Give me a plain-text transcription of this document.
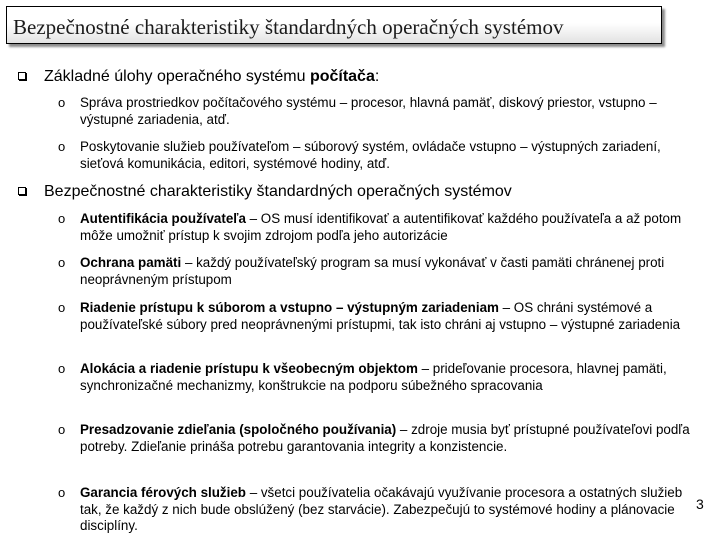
Bezpečnostné charakteristiky štandardných operačných systémov
Základné úlohy operačného systému počítača:
o Správa prostriedkov počítačového systému – procesor, hlavná pamäť, diskový priestor, vstupno – výstupné zariadenia, atď.
o Poskytovanie služieb používateľom – súborový systém, ovládače vstupno – výstupných zariadení, sieťová komunikácia, editori, systémové hodiny, atď.
Bezpečnostné charakteristiky štandardných operačných systémov
o Autentifikácia používateľa – OS musí identifikovať a autentifikovať každého používateľa a až potom môže umožniť prístup k svojim zdrojom podľa jeho autorizácie
o Ochrana pamäti – každý používateľský program sa musí vykonávať v časti pamäti chránenej proti neoprávneným prístupom
o Riadenie prístupu k súborom a vstupno – výstupným zariadeniam – OS chráni systémové a používateľské súbory pred neoprávnenými prístupmi, tak isto chráni aj vstupno – výstupné zariadenia
o Alokácia a riadenie prístupu k všeobecným objektom – prideľovanie procesora, hlavnej pamäti, synchronizačné mechanizmy, konštrukcie na podporu súbežného spracovania
o Presadzovanie zdieľania (spoločného používania) – zdroje musia byť prístupné používateľovi podľa potreby. Zdieľanie prináša potrebu garantovania integrity a konzistencie.
o Garancia férových služieb – všetci používatelia očakávajú využívanie procesora a ostatných služieb tak, že každý z nich bude obslúžený (bez starvácie). Zabezpečujú to systémové hodiny a plánovacie disciplíny.
3
